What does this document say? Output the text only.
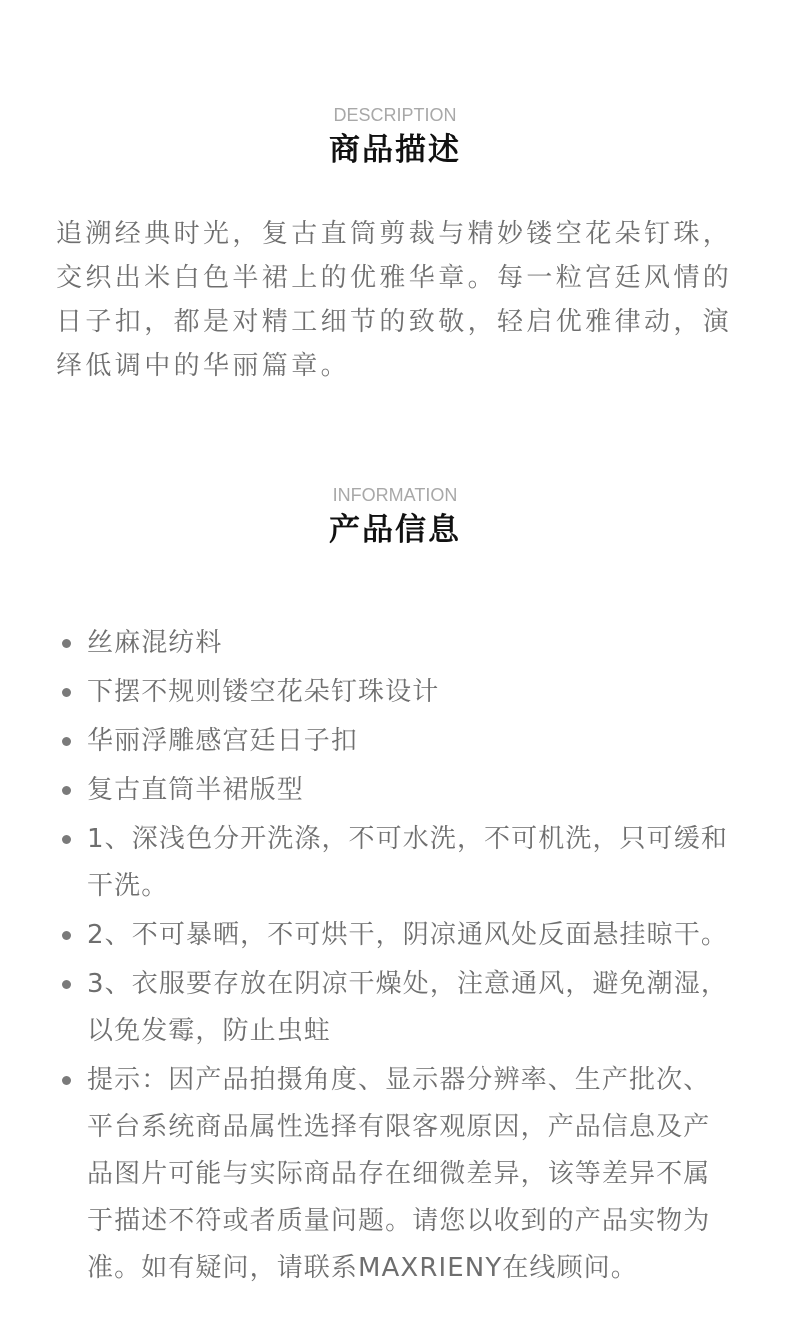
DESCRIPTION
商品描述

追溯经典时光，复古直筒剪裁与精妙镂空花朵钉珠，交织出米白色半裙上的优雅华章。每一粒宫廷风情的日子扣，都是对精工细节的致敬，轻启优雅律动，演绎低调中的华丽篇章。

INFORMATION
产品信息
丝麻混纺料
下摆不规则镂空花朵钉珠设计
华丽浮雕感宫廷日子扣
复古直筒半裙版型
1、深浅色分开洗涤，不可水洗，不可机洗，只可缓和干洗。
2、不可暴晒，不可烘干，阴凉通风处反面悬挂晾干。
3、衣服要存放在阴凉干燥处，注意通风，避免潮湿，以免发霉，防止虫蛀
提示：因产品拍摄角度、显示器分辨率、生产批次、平台系统商品属性选择有限客观原因，产品信息及产品图片可能与实际商品存在细微差异，该等差异不属于描述不符或者质量问题。请您以收到的产品实物为准。如有疑问，请联系MAXRIENY在线顾问。
